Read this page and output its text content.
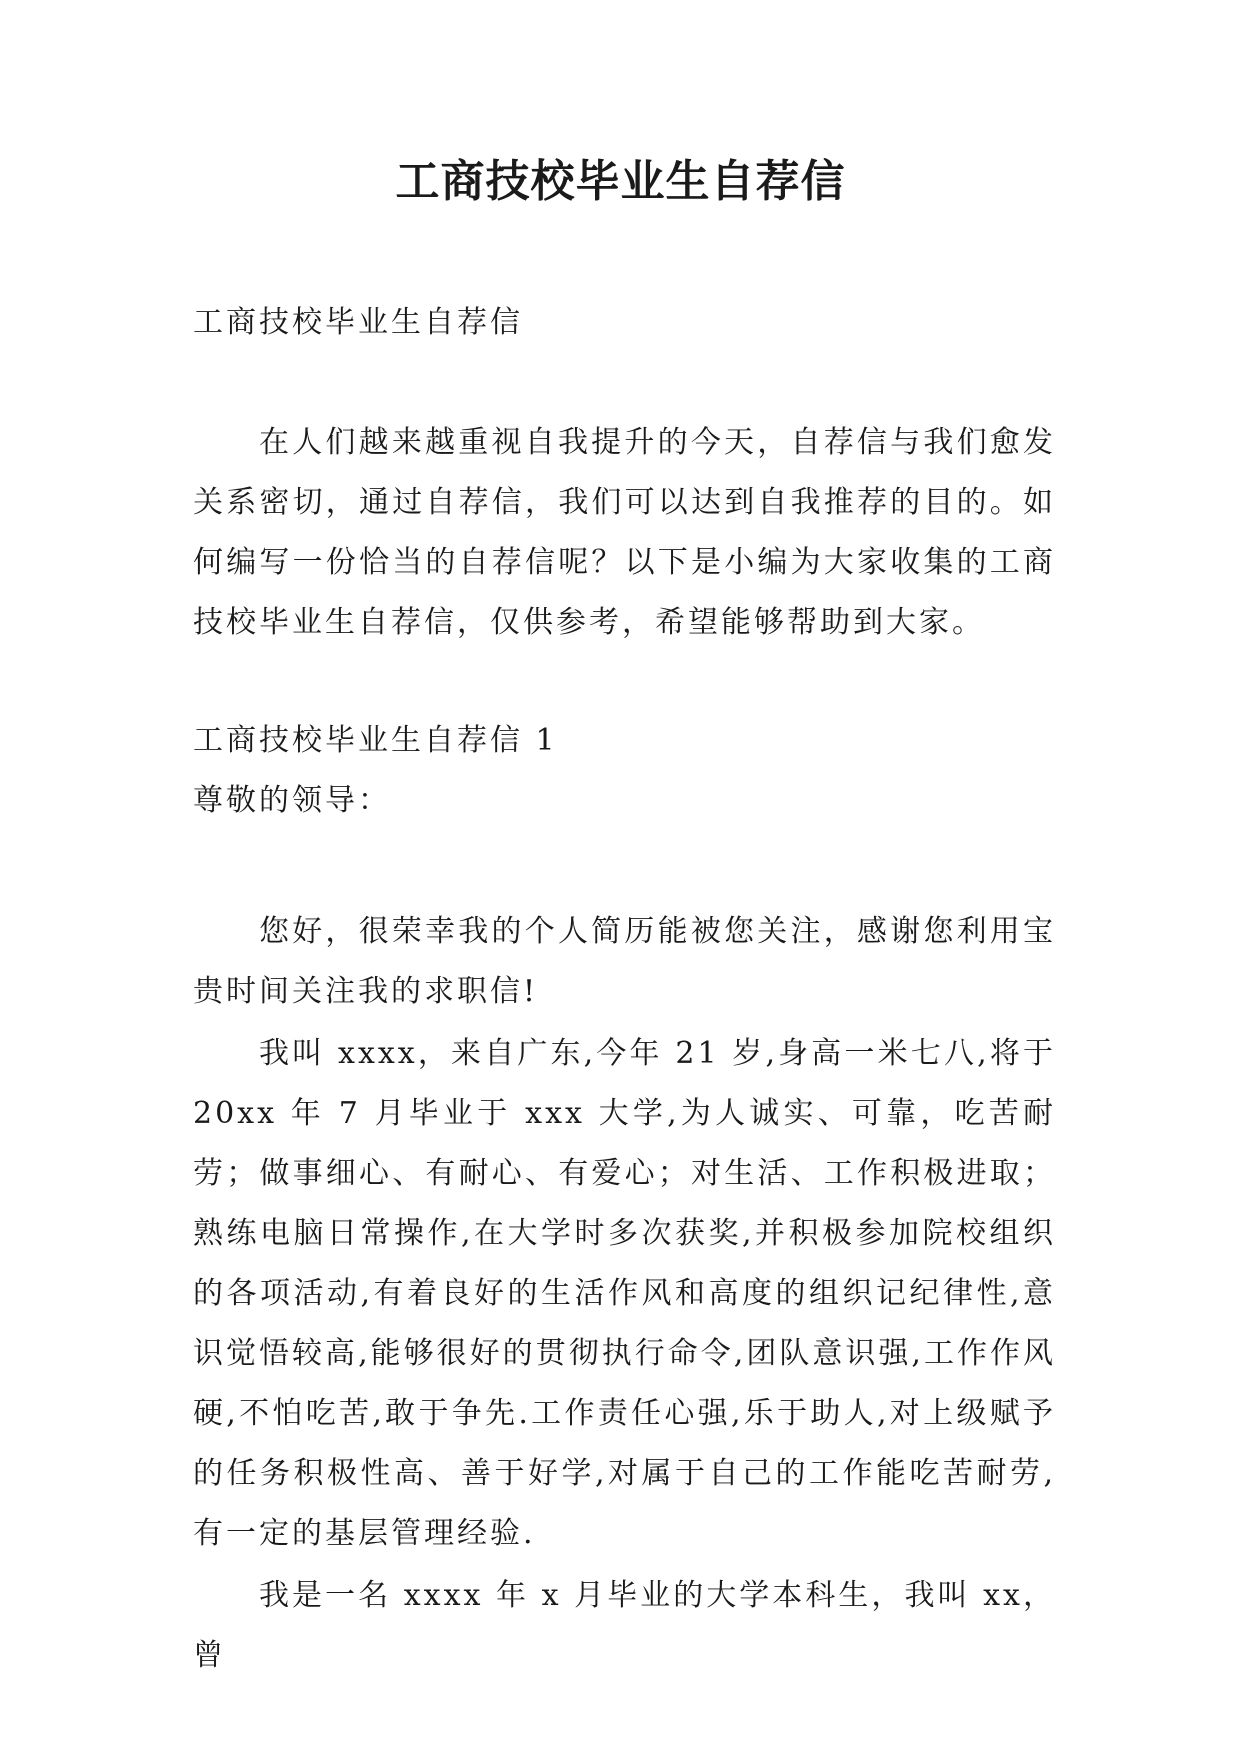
工商技校毕业生自荐信

工商技校毕业生自荐信

在人们越来越重视自我提升的今天，自荐信与我们愈发关系密切，通过自荐信，我们可以达到自我推荐的目的。如何编写一份恰当的自荐信呢？以下是小编为大家收集的工商技校毕业生自荐信，仅供参考，希望能够帮助到大家。

工商技校毕业生自荐信 1

尊敬的领导：

您好，很荣幸我的个人简历能被您关注，感谢您利用宝贵时间关注我的求职信!

我叫 xxxx，来自广东,今年 21 岁,身高一米七八,将于 20xx 年 7 月毕业于 xxx 大学,为人诚实、可靠，吃苦耐劳；做事细心、有耐心、有爱心；对生活、工作积极进取；熟练电脑日常操作,在大学时多次获奖,并积极参加院校组织的各项活动,有着良好的生活作风和高度的组织记纪律性,意识觉悟较高,能够很好的贯彻执行命令,团队意识强,工作作风硬,不怕吃苦,敢于争先.工作责任心强,乐于助人,对上级赋予的任务积极性高、善于好学,对属于自己的工作能吃苦耐劳,有一定的基层管理经验.

我是一名 xxxx 年 x 月毕业的大学本科生，我叫 xx，曾
